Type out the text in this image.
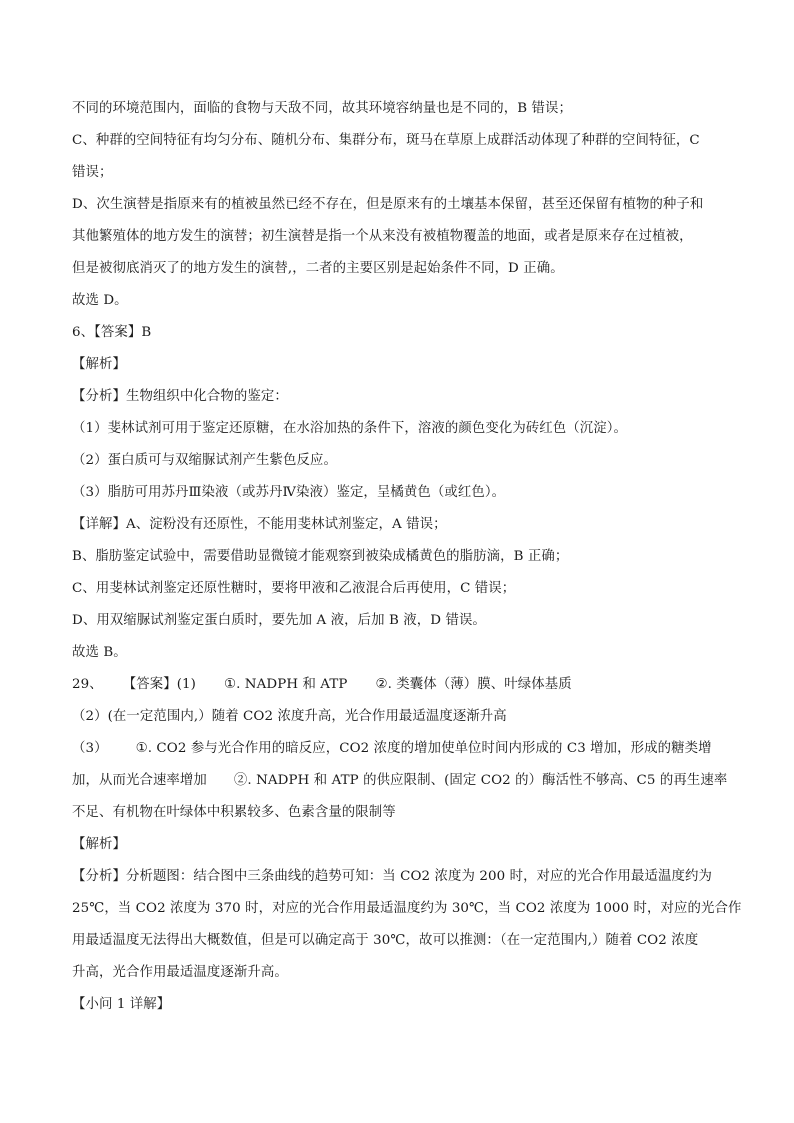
不同的环境范围内，面临的食物与天敌不同，故其环境容纳量也是不同的，B 错误；

C、种群的空间特征有均匀分布、随机分布、集群分布，斑马在草原上成群活动体现了种群的空间特征，C

错误；

D、次生演替是指原来有的植被虽然已经不存在，但是原来有的土壤基本保留，甚至还保留有植物的种子和

其他繁殖体的地方发生的演替；初生演替是指一个从来没有被植物覆盖的地面，或者是原来存在过植被，

但是被彻底消灭了的地方发生的演替,，二者的主要区别是起始条件不同，D 正确。

故选 D。

6、【答案】B

【解析】

【分析】生物组织中化合物的鉴定：

（1）斐林试剂可用于鉴定还原糖，在水浴加热的条件下，溶液的颜色变化为砖红色（沉淀）。

（2）蛋白质可与双缩脲试剂产生紫色反应。

（3）脂肪可用苏丹Ⅲ染液（或苏丹Ⅳ染液）鉴定，呈橘黄色（或红色）。

【详解】A、淀粉没有还原性，不能用斐林试剂鉴定，A 错误；

B、脂肪鉴定试验中，需要借助显微镜才能观察到被染成橘黄色的脂肪滴，B 正确；

C、用斐林试剂鉴定还原性糖时，要将甲液和乙液混合后再使用，C 错误；

D、用双缩脲试剂鉴定蛋白质时，要先加 A 液，后加 B 液，D 错误。

故选 B。

29、 【答案】(1) ①. NADPH 和 ATP ②. 类囊体（薄）膜、叶绿体基质

（2）(在一定范围内,）随着 CO2 浓度升高，光合作用最适温度逐渐升高

（3） ①. CO2 参与光合作用的暗反应，CO2 浓度的增加使单位时间内形成的 C3 增加，形成的糖类增

加，从而光合速率增加　　②. NADPH 和 ATP 的供应限制、(固定 CO2 的）酶活性不够高、C5 的再生速率

不足、有机物在叶绿体中积累较多、色素含量的限制等

【解析】

【分析】分析题图：结合图中三条曲线的趋势可知：当 CO2 浓度为 200 时，对应的光合作用最适温度约为

25℃，当 CO2 浓度为 370 时，对应的光合作用最适温度约为 30℃，当 CO2 浓度为 1000 时，对应的光合作

用最适温度无法得出大概数值，但是可以确定高于 30℃，故可以推测：（在一定范围内,）随着 CO2 浓度

升高，光合作用最适温度逐渐升高。

【小问 1 详解】
